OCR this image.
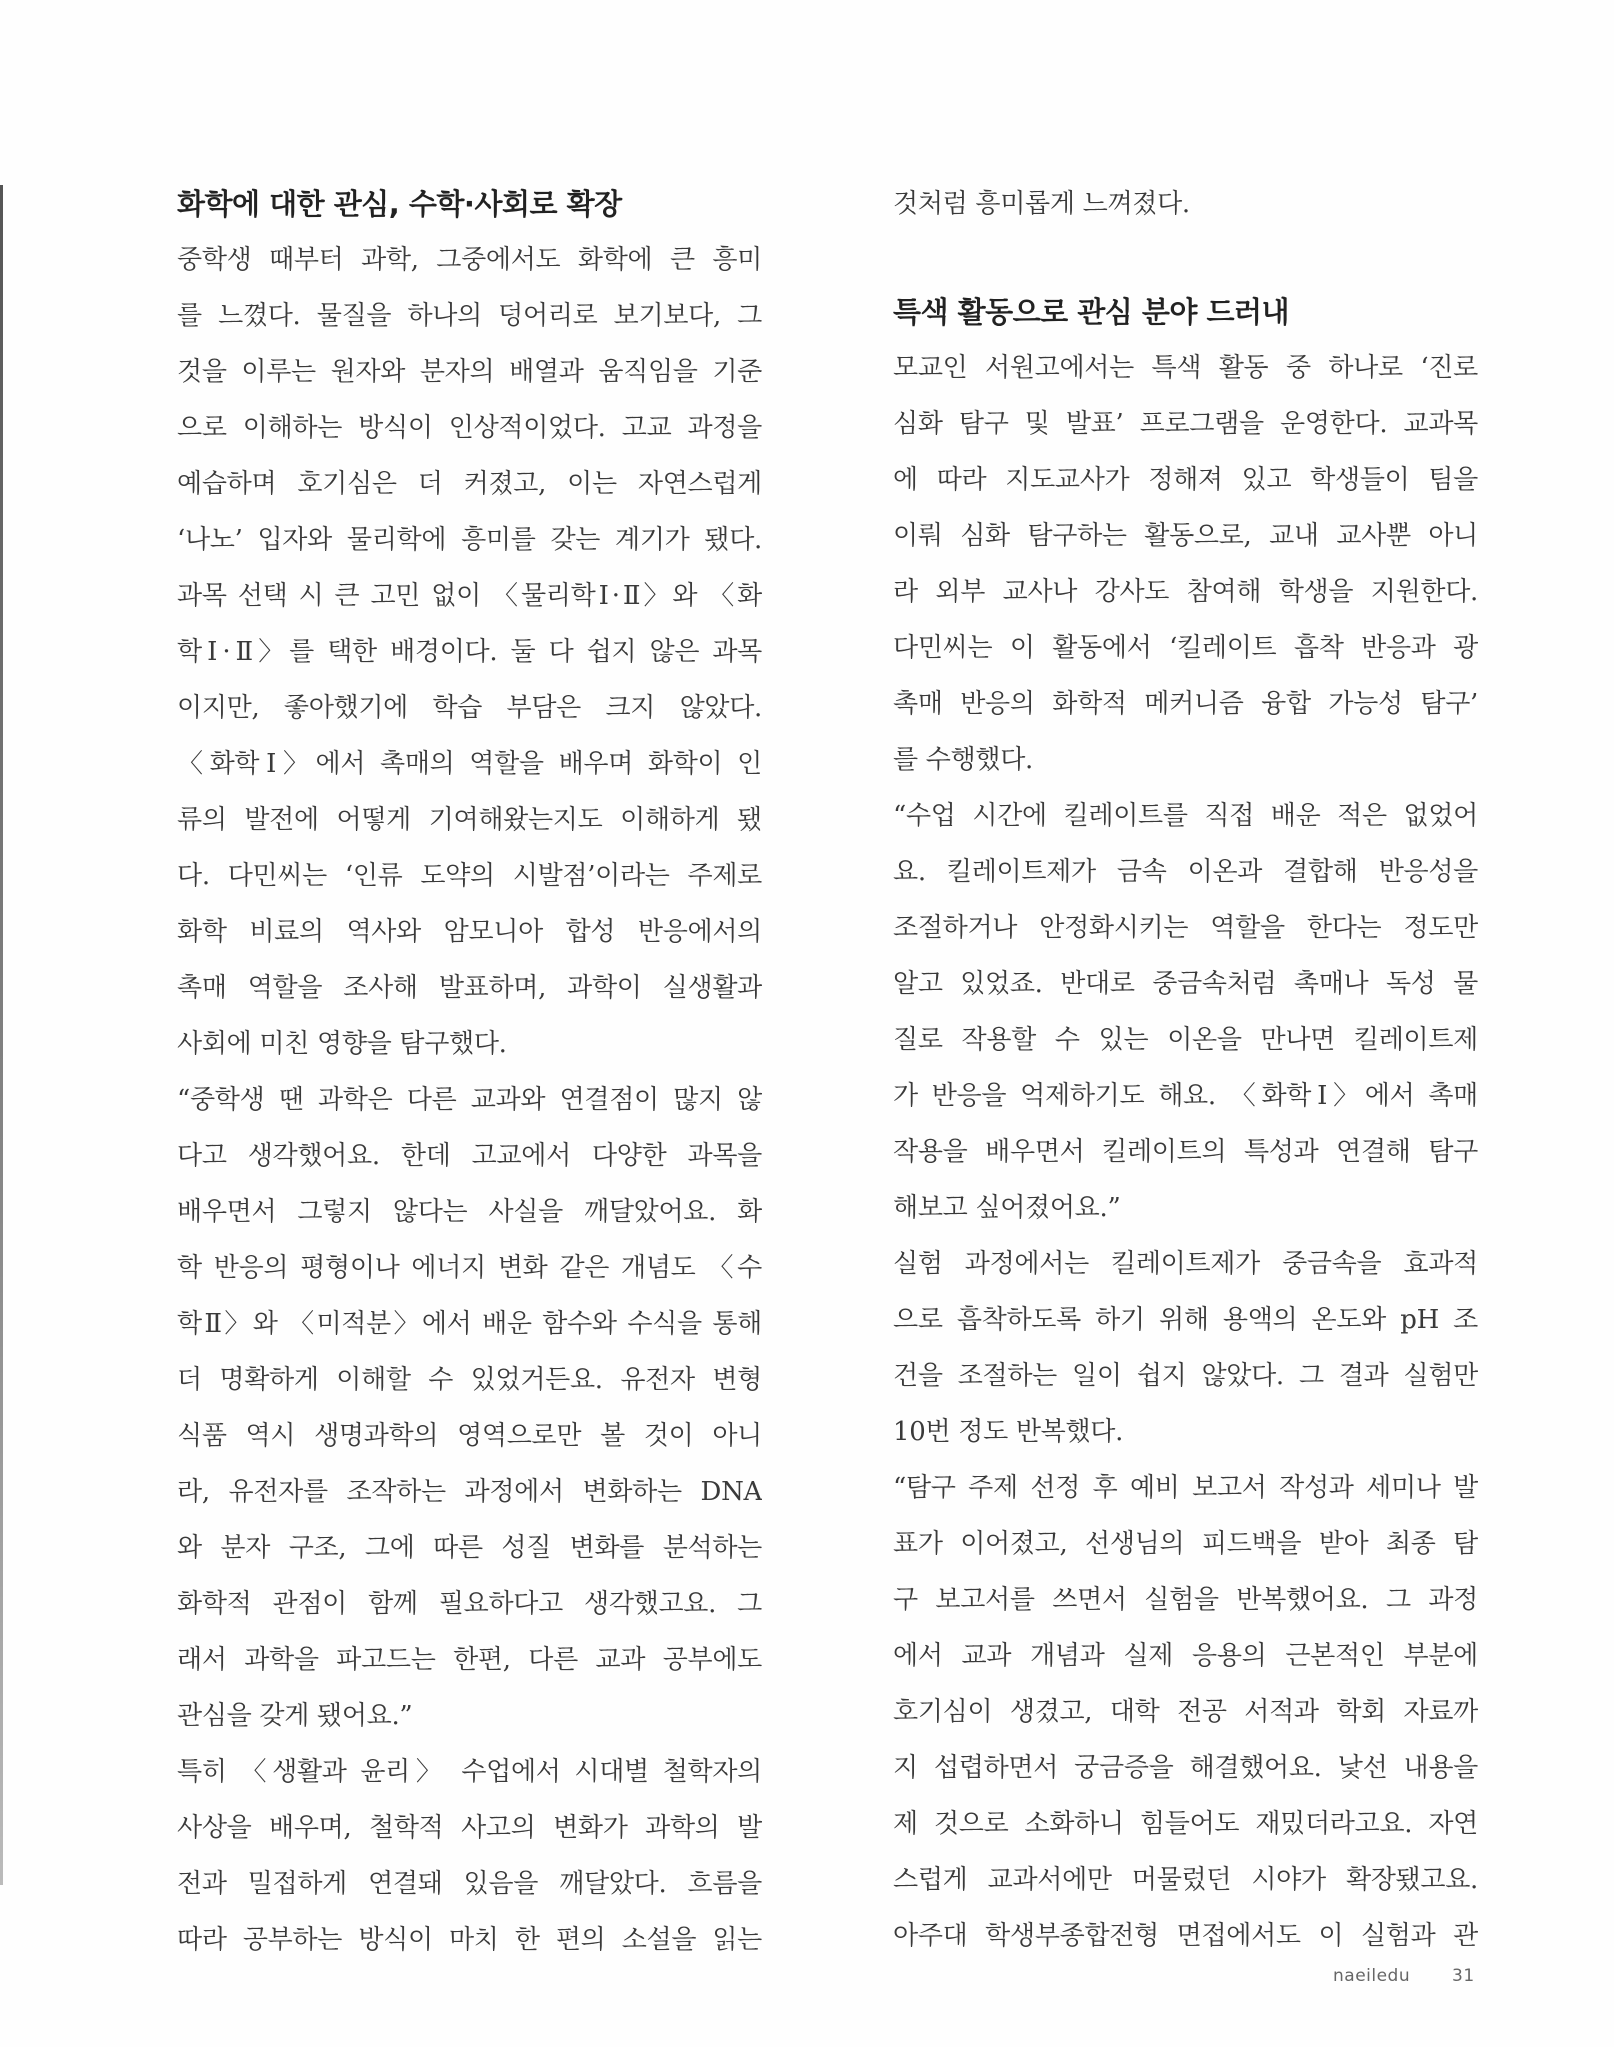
화학에 대한 관심, 수학·사회로 확장
중학생 때부터 과학, 그중에서도 화학에 큰 흥미
를 느꼈다. 물질을 하나의 덩어리로 보기보다, 그
것을 이루는 원자와 분자의 배열과 움직임을 기준
으로 이해하는 방식이 인상적이었다. 고교 과정을
예습하며 호기심은 더 커졌고, 이는 자연스럽게
‘나노’ 입자와 물리학에 흥미를 갖는 계기가 됐다.
과목 선택 시 큰 고민 없이 〈물리학Ⅰ·Ⅱ〉와 〈화
학Ⅰ·Ⅱ〉를 택한 배경이다. 둘 다 쉽지 않은 과목
이지만, 좋아했기에 학습 부담은 크지 않았다.
〈화학Ⅰ〉에서 촉매의 역할을 배우며 화학이 인
류의 발전에 어떻게 기여해왔는지도 이해하게 됐
다. 다민씨는 ‘인류 도약의 시발점’이라는 주제로
화학 비료의 역사와 암모니아 합성 반응에서의
촉매 역할을 조사해 발표하며, 과학이 실생활과
사회에 미친 영향을 탐구했다.
“중학생 땐 과학은 다른 교과와 연결점이 많지 않
다고 생각했어요. 한데 고교에서 다양한 과목을
배우면서 그렇지 않다는 사실을 깨달았어요. 화
학 반응의 평형이나 에너지 변화 같은 개념도 〈수
학Ⅱ〉와 〈미적분〉에서 배운 함수와 수식을 통해
더 명확하게 이해할 수 있었거든요. 유전자 변형
식품 역시 생명과학의 영역으로만 볼 것이 아니
라, 유전자를 조작하는 과정에서 변화하는 DNA
와 분자 구조, 그에 따른 성질 변화를 분석하는
화학적 관점이 함께 필요하다고 생각했고요. 그
래서 과학을 파고드는 한편, 다른 교과 공부에도
관심을 갖게 됐어요.”
특히 〈생활과 윤리〉 수업에서 시대별 철학자의
사상을 배우며, 철학적 사고의 변화가 과학의 발
전과 밀접하게 연결돼 있음을 깨달았다. 흐름을
따라 공부하는 방식이 마치 한 편의 소설을 읽는
것처럼 흥미롭게 느껴졌다.
특색 활동으로 관심 분야 드러내
모교인 서원고에서는 특색 활동 중 하나로 ‘진로
심화 탐구 및 발표’ 프로그램을 운영한다. 교과목
에 따라 지도교사가 정해져 있고 학생들이 팀을
이뤄 심화 탐구하는 활동으로, 교내 교사뿐 아니
라 외부 교사나 강사도 참여해 학생을 지원한다.
다민씨는 이 활동에서 ‘킬레이트 흡착 반응과 광
촉매 반응의 화학적 메커니즘 융합 가능성 탐구’
를 수행했다.
“수업 시간에 킬레이트를 직접 배운 적은 없었어
요. 킬레이트제가 금속 이온과 결합해 반응성을
조절하거나 안정화시키는 역할을 한다는 정도만
알고 있었죠. 반대로 중금속처럼 촉매나 독성 물
질로 작용할 수 있는 이온을 만나면 킬레이트제
가 반응을 억제하기도 해요. 〈화학Ⅰ〉에서 촉매
작용을 배우면서 킬레이트의 특성과 연결해 탐구
해보고 싶어졌어요.”
실험 과정에서는 킬레이트제가 중금속을 효과적
으로 흡착하도록 하기 위해 용액의 온도와 pH 조
건을 조절하는 일이 쉽지 않았다. 그 결과 실험만
10번 정도 반복했다.
“탐구 주제 선정 후 예비 보고서 작성과 세미나 발
표가 이어졌고, 선생님의 피드백을 받아 최종 탐
구 보고서를 쓰면서 실험을 반복했어요. 그 과정
에서 교과 개념과 실제 응용의 근본적인 부분에
호기심이 생겼고, 대학 전공 서적과 학회 자료까
지 섭렵하면서 궁금증을 해결했어요. 낯선 내용을
제 것으로 소화하니 힘들어도 재밌더라고요. 자연
스럽게 교과서에만 머물렀던 시야가 확장됐고요.
아주대 학생부종합전형 면접에서도 이 실험과 관
naeiledu 31
